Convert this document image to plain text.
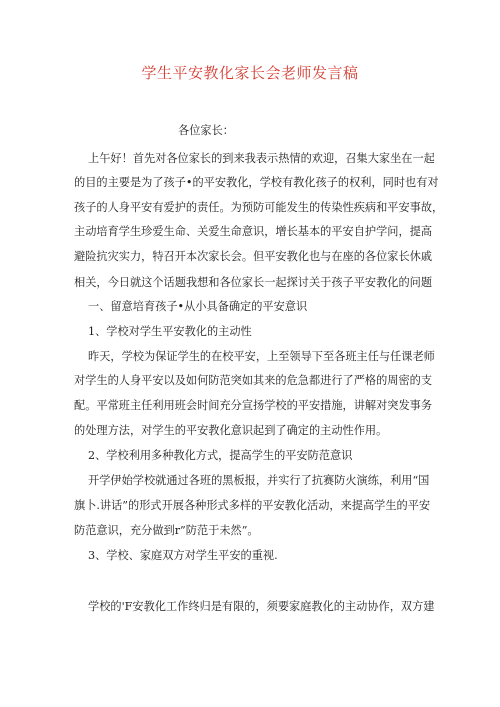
学生平安教化家长会老师发言稿
各位家长：
上午好！首先对各位家长的到来我表示热情的欢迎，召集大家坐在一起
的目的主要是为了孩子•的平安教化，学校有教化孩子的权利，同时也有对
孩子的人身平安有爱护的责任。为预防可能发生的传染性疾病和平安事故，
主动培育学生珍爱生命、关爱生命意识，增长基本的平安自护学问，提高
避险抗灾实力，特召开本次家长会。但平安教化也与在座的各位家长休戚
相关，今日就这个话题我想和各位家长一起探讨关于孩子平安教化的问题
一、留意培育孩子•从小具备确定的平安意识
1、学校对学生平安教化的主动性
昨天，学校为保证学生的在校平安，上至领导下至各班主任与任课老师
对学生的人身平安以及如何防范突如其来的危急都进行了严格的周密的支
配。平常班主任利用班会时间充分宣扬学校的平安措施，讲解对突发事务
的处理方法，对学生的平安教化意识起到了确定的主动性作用。
2、学校利用多种教化方式，提高学生的平安防范意识
开学伊始学校就通过各班的黑板报，并实行了抗赛防火演练，利用“国
旗卜.讲话”的形式开展各种形式多样的平安教化活动，来提高学生的平安
防范意识，充分做到r”防范于未然”。
3、学校、家庭双方对学生平安的重视.
学校的'F安教化工作终归是有限的，须要家庭教化的主动协作，双方建
